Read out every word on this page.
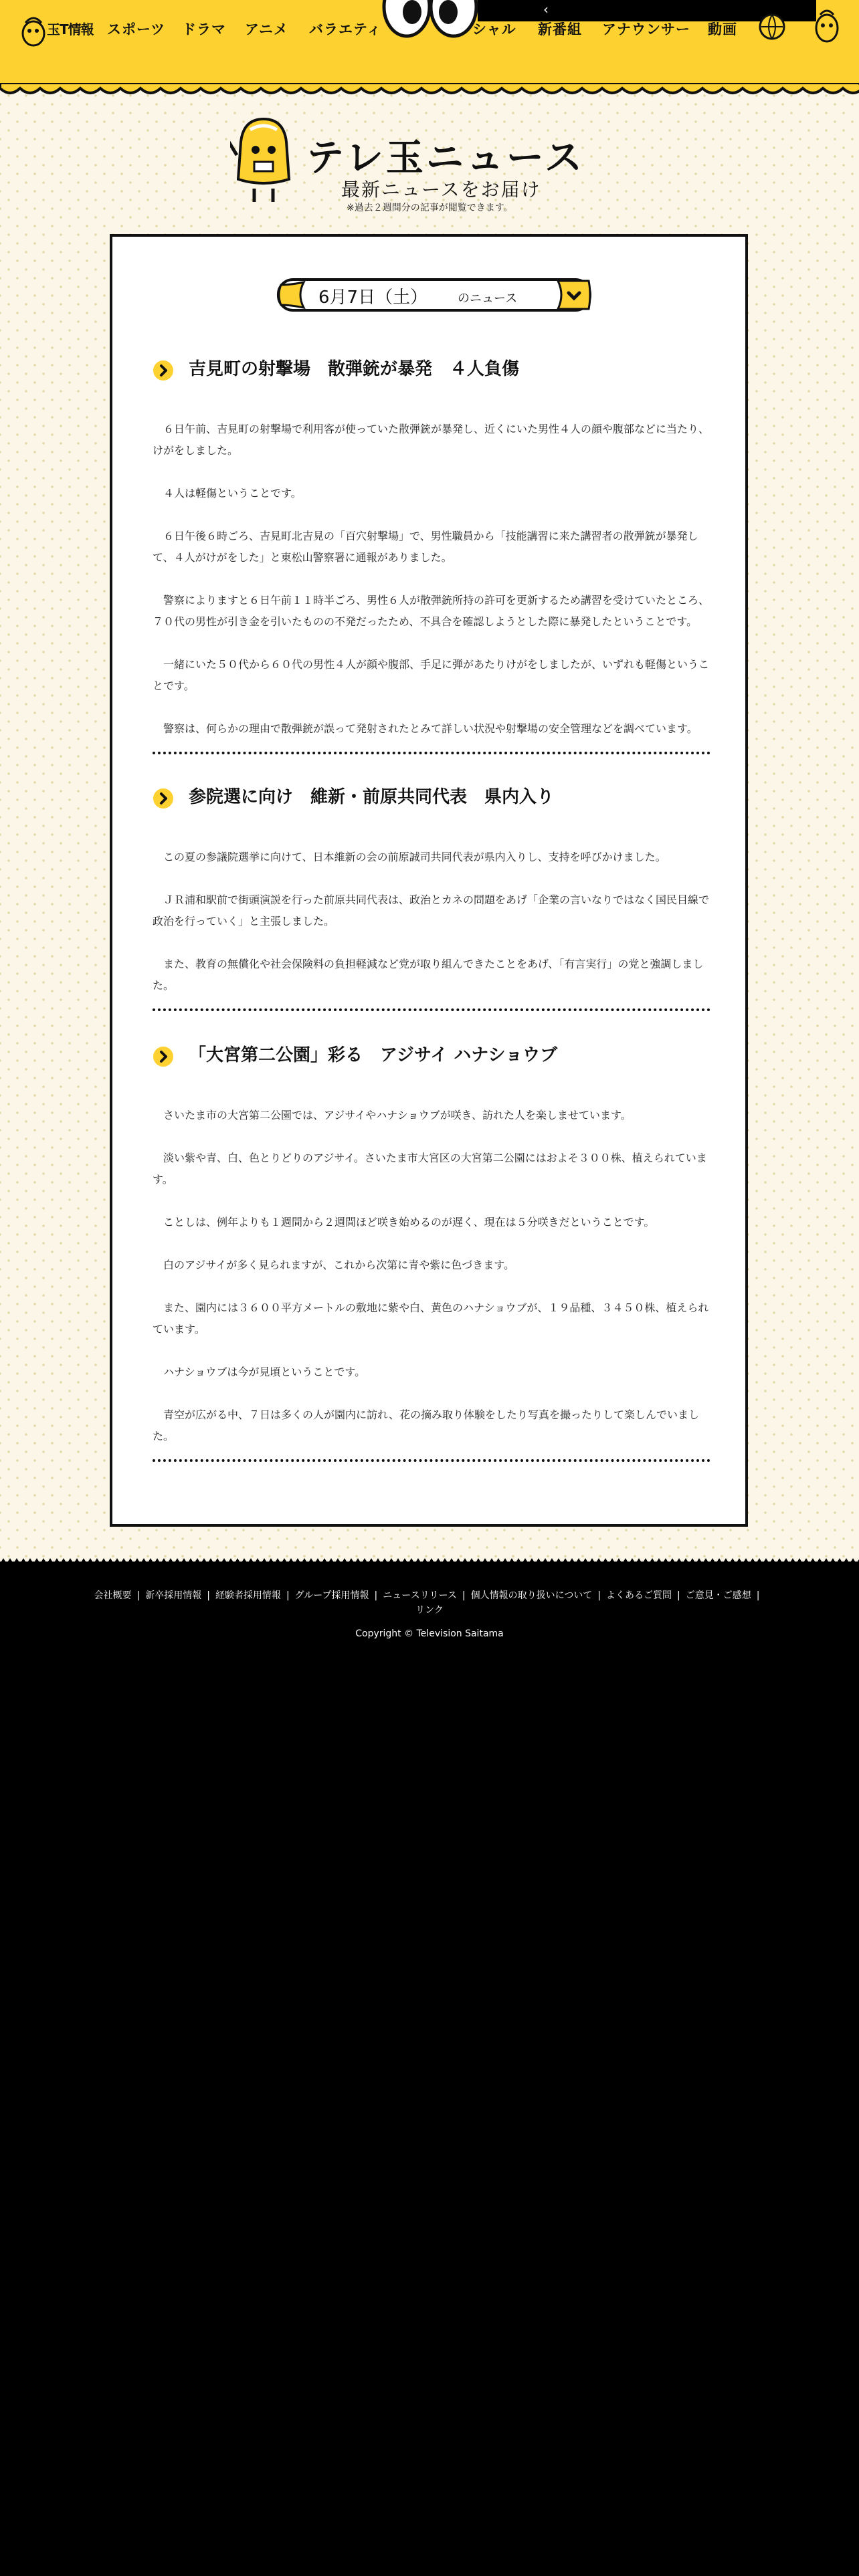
玉T情報 スポーツ ドラマ アニメ バラエティ	シャル 新番組 アナウンサー 動画
‹
テレ玉ニュース
最新ニュースをお届け
※過去２週間分の記事が閲覧できます。
6月7日（土） のニュース
吉見町の射撃場　散弾銃が暴発　４人負傷

　６日午前、吉見町の射撃場で利用客が使っていた散弾銃が暴発し、近くにいた男性４人の顔や腹部などに当たり、けがをしました。

　４人は軽傷ということです。

　６日午後６時ごろ、吉見町北吉見の「百穴射撃場」で、男性職員から「技能講習に来た講習者の散弾銃が暴発して、４人がけがをした」と東松山警察署に通報がありました。

　警察によりますと６日午前１１時半ごろ、男性６人が散弾銃所持の許可を更新するため講習を受けていたところ、７０代の男性が引き金を引いたものの不発だったため、不具合を確認しようとした際に暴発したということです。

　一緒にいた５０代から６０代の男性４人が顔や腹部、手足に弾があたりけがをしましたが、いずれも軽傷ということです。

　警察は、何らかの理由で散弾銃が誤って発射されたとみて詳しい状況や射撃場の安全管理などを調べています。

参院選に向け　維新・前原共同代表　県内入り

　この夏の参議院選挙に向けて、日本維新の会の前原誠司共同代表が県内入りし、支持を呼びかけました。

　ＪＲ浦和駅前で街頭演説を行った前原共同代表は、政治とカネの問題をあげ「企業の言いなりではなく国民目線で政治を行っていく」と主張しました。

　また、教育の無償化や社会保険料の負担軽減など党が取り組んできたことをあげ、「有言実行」の党と強調しました。

「大宮第二公園」彩る　アジサイ ハナショウブ

　さいたま市の大宮第二公園では、アジサイやハナショウブが咲き、訪れた人を楽しませています。

　淡い紫や青、白、色とりどりのアジサイ。さいたま市大宮区の大宮第二公園にはおよそ３００株、植えられています。

　ことしは、例年よりも１週間から２週間ほど咲き始めるのが遅く、現在は５分咲きだということです。

　白のアジサイが多く見られますが、これから次第に青や紫に色づきます。

　また、園内には３６００平方メートルの敷地に紫や白、黄色のハナショウブが、１９品種、３４５０株、植えられています。

　ハナショウブは今が見頃ということです。

　青空が広がる中、７日は多くの人が園内に訪れ、花の摘み取り体験をしたり写真を撮ったりして楽しんでいました。

会社概要 | 新卒採用情報 | 経験者採用情報 | グループ採用情報 | ニュースリリース | 個人情報の取り扱いについて | よくあるご質問 | ご意見・ご感想 |リンク
Copyright © Television Saitama
